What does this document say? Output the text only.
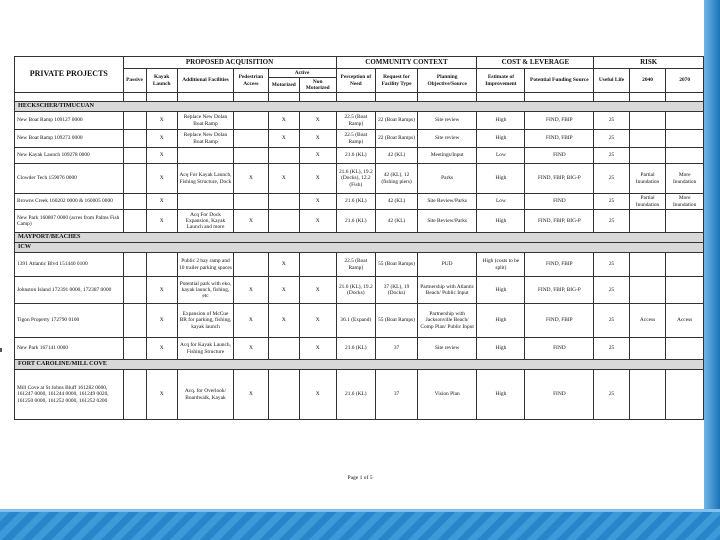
PRIVATE PROJECTS	PROPOSED ACQUISITION						COMMUNITY CONTEXT			COST & LEVERAGE		RISK		
	Passive	Kayak Launch	Additional Facilities	Pedestrian Access	Active		Perception of Need	Request for Facility Type	Planning Objective/Source	Estimate of Improvement	Potential Funding Source	Useful Life	2040	2070
					Motorized	Non Motorized								

HECKSCHER/TIMUCUAN														
New Boat Ramp 109127 0000		X	Replace New Dolan Boat Ramp		X	X	22.5 (Boat Ramp)	22 (Boat Ramps)	Site review	High	FIND, FBIP	25		
New Boat Ramp 109273 0000		X	Replace New Dolan Boat Ramp		X	X	22.5 (Boat Ramp)	22 (Boat Ramps)	Site review	High	FIND, FBIP	25		
New Kayak Launch 109278 0000		X				X	21.6 (KL)	42 (KL)	Meetings/Input	Low	FIND	25		
Clowder Tech 159076 0000		X	Acq For Kayak Launch, Fishing Structure, Dock	X	X	X	21.6 (KL), 19.2 (Docks), 12.2 (Fish)	42 (KL), 12 (fishing piers)	Parks	High	FIND, FBIP, BIG-P	25	Partial Inundation	More Inundation
Browns Creek 160202 0000 & 160005 0000		X				X	21.6 (KL)	42 (KL)	Site Review/Parks	Low	FIND	25	Partial Inundation	More Inundation
New Park 160807 0000 (acres from Palms Fish Camp)		X	Acq For Dock Expansion, Kayak Launch and more	X		X	21.6 (KL)	42 (KL)	Site Review/Parks	High	FIND, FBIP, BIG-P	25		
MAYPORT/BEACHES														
ICW														
1391 Atlantic Blvd 151440 0100			Public 2 bay ramp and 10 trailer parking spaces		X		22.5 (Boat Ramp)	55 (Boat Ramps)	PUD	High (costs to be split)	FIND, FBIP	25		
Johnston Island 172391 0000, 172387 0000		X	Potential park with eko, kayak launch, fishing, etc	X	X	X	21.6 (KL), 19.2 (Docks)	37 (KL), 19 (Docks)	Partnership with Atlantic Beach/ Public Input	High	FIND, FBIP, BIG-P	25		
Tigon Property 172790 0100		X	Expansion of McCue BR for parking, fishing, kayak launch	X	X	X	36.1 (Expand)	55 (Boat Ramps)	Partnership with Jacksonville Beach/ Comp Plan/ Public Input	High	FIND, FBIP	25	Access	Access
New Park 167141 0000		X	Acq for Kayak Launch, Fishing Structure	X		X	21.6 (KL)	37	Site review	High	FIND	25		
FORT CAROLINE/MILL COVE														
Mill Cove at St Johns Bluff 161282 0000, 161247 0000, 161244 0000, 161249 0020, 161250 0000, 161252 0000, 161252 0200		X	Acq. for Overlook/ Boardwalk, Kayak	X		X	21.6 (KL)	37	Vision Plan	High	FIND	25		
Page 1 of 5
